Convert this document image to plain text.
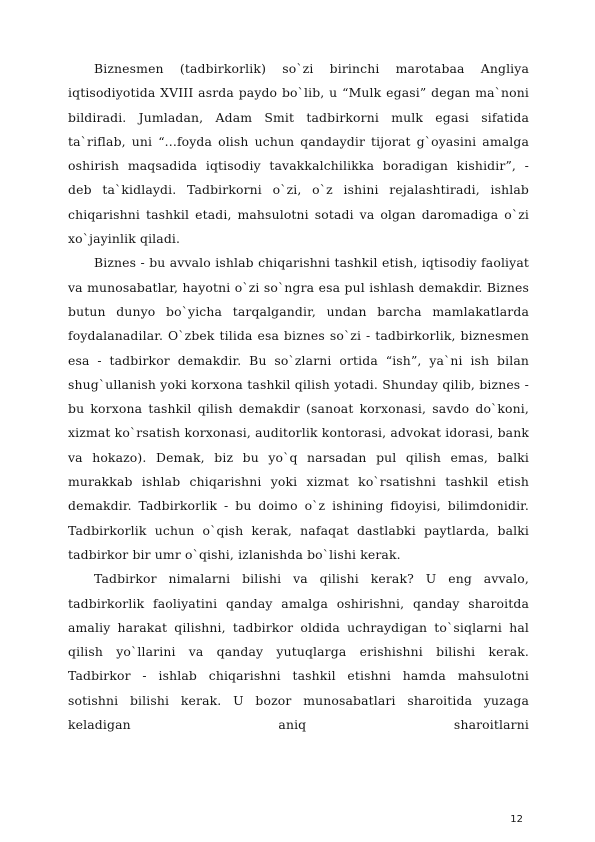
Biznesmen (tadbirkorlik) so`zi birinchi marotabaa Angliya iqtisodiyotida XVIII asrda paydo bo`lib, u “Mulk egasi” degan ma`noni bildiradi. Jumladan, Adam Smit tadbirkorni mulk egasi sifatida ta`riflab, uni “...foyda olish uchun qandaydir tijorat g`oyasini amalga oshirish maqsadida iqtisodiy tavakkalchilikka boradigan kishidir”, - deb ta`kidlaydi. Tadbirkorni o`zi, o`z ishini rejalashtiradi, ishlab chiqarishni tashkil etadi, mahsulotni sotadi va olgan daromadiga o`zi xo`jayinlik qiladi.

Biznes - bu avvalo ishlab chiqarishni tashkil etish, iqtisodiy faoliyat va munosabatlar, hayotni o`zi so`ngra esa pul ishlash demakdir. Biznes butun dunyo bo`yicha tarqalgandir, undan barcha mamlakatlarda foydalanadilar. O`zbek tilida esa biznes so`zi - tadbirkorlik, biznesmen esa - tadbirkor demakdir. Bu so`zlarni ortida “ish”, ya`ni ish bilan shug`ullanish yoki korxona tashkil qilish yotadi. Shunday qilib, biznes - bu korxona tashkil qilish demakdir (sanoat korxonasi, savdo do`koni, xizmat ko`rsatish korxonasi, auditorlik kontorasi, advokat idorasi, bank va hokazo). Demak, biz bu yo`q narsadan pul qilish emas, balki murakkab ishlab chiqarishni yoki xizmat ko`rsatishni tashkil etish demakdir. Tadbirkorlik - bu doimo o`z ishining fidoyisi, bilimdonidir. Tadbirkorlik uchun o`qish kerak, nafaqat dastlabki paytlarda, balki tadbirkor bir umr o`qishi, izlanishda bo`lishi kerak.

Tadbirkor nimalarni bilishi va qilishi kerak? U eng avvalo, tadbirkorlik faoliyatini qanday amalga oshirishni, qanday sharoitda amaliy harakat qilishni, tadbirkor oldida uchraydigan to`siqlarni hal qilish yo`llarini va qanday yutuqlarga erishishni bilishi kerak. Tadbirkor - ishlab chiqarishni tashkil etishni hamda mahsulotni sotishni bilishi kerak. U bozor munosabatlari sharoitida yuzaga keladigan aniq sharoitlarni

12
